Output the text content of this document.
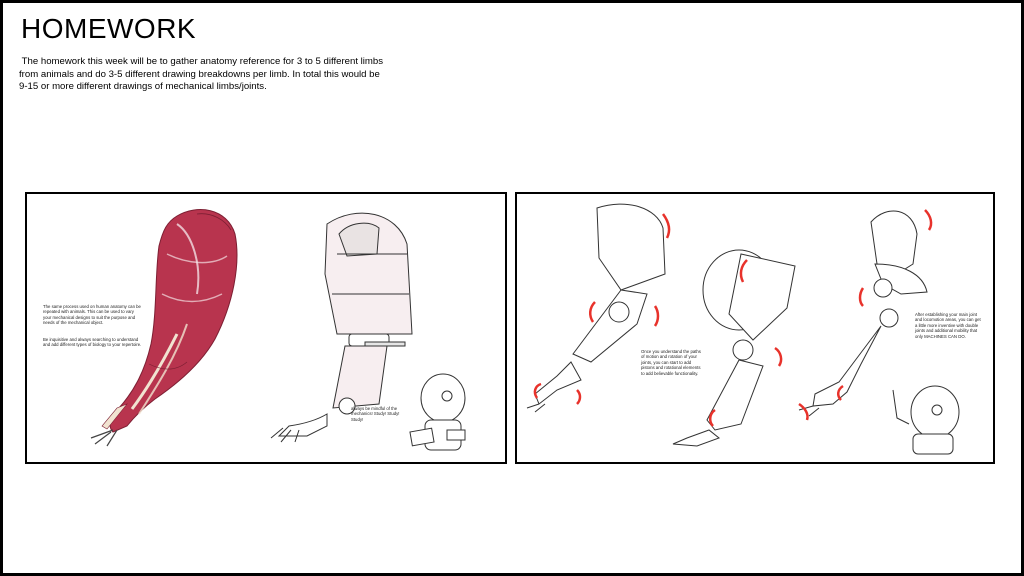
HOMEWORK
The homework this week will be to gather anatomy reference for 3 to 5 different limbs
from animals and do 3-5 different drawing breakdowns per limb. In total this would be
9-15 or more different drawings of mechanical limbs/joints.
The same process used on human anatomy can be repeated with animals. This can be used to vary your mechanical designs to suit the purpose and needs of the mechanical object.
Be inquisitive and always searching to understand and add different types of biology to your repertoire.
always be mindful of the mechanics! Study! Study! Study!
Once you understand the paths of motion and rotation of your joints, you can start to add pistons and rotational elements to add believable functionality.
After establishing your main joint and locomotion areas, you can get a little more inventive with double joints and additional mobility that only MACHINES CAN DO.
